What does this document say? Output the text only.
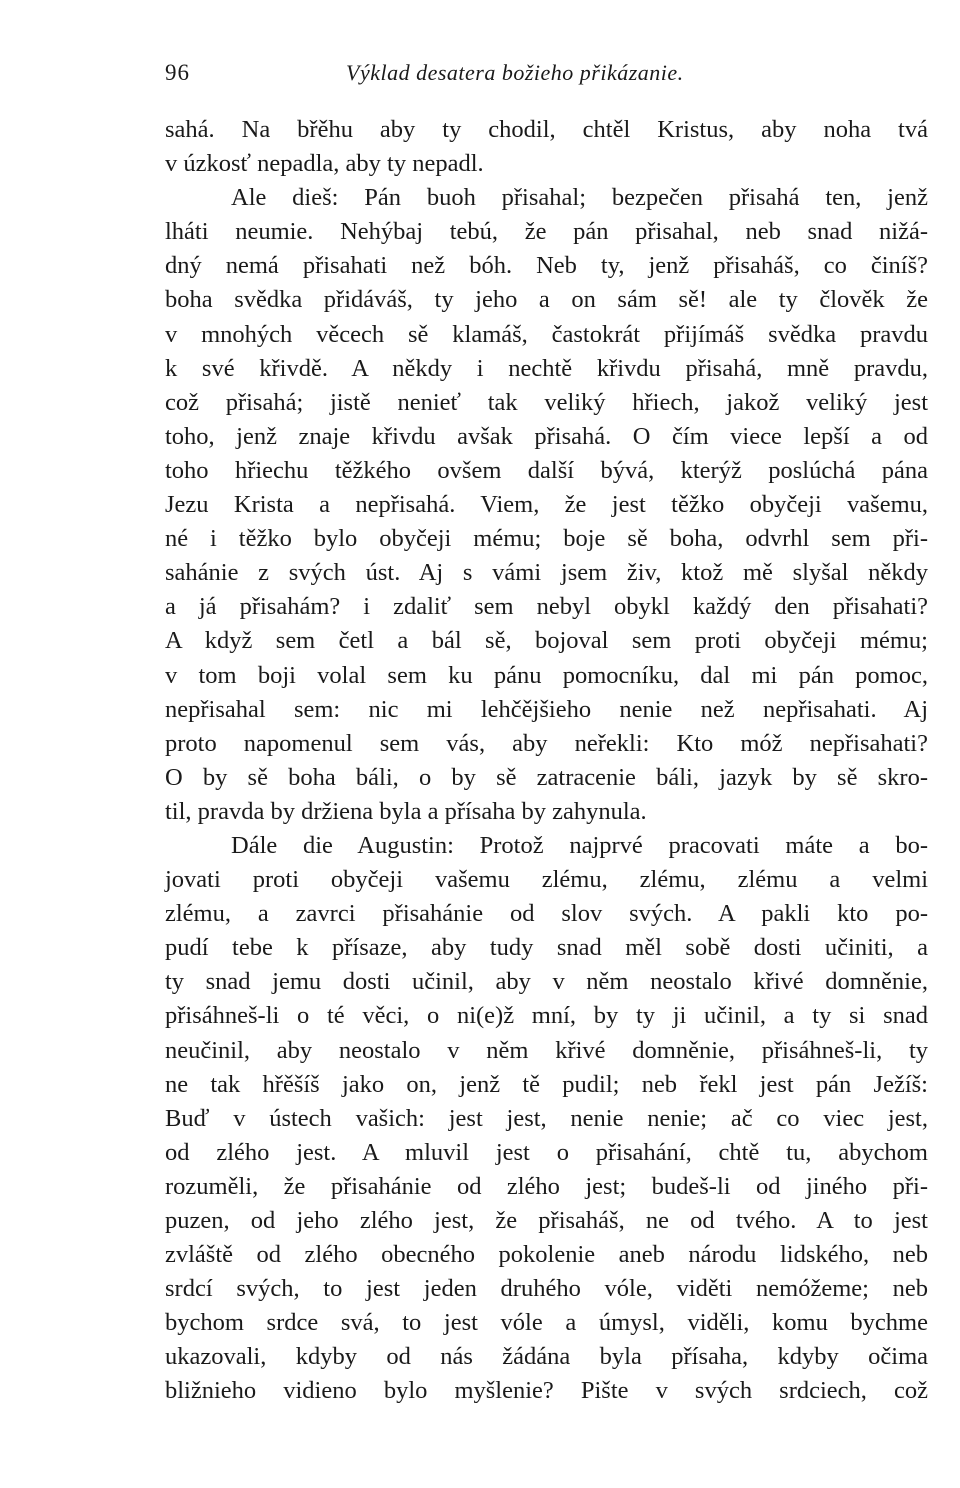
96	Výklad desatera božieho přikázanie.
sahá. Na břěhu aby ty chodil, chtěl Kristus, aby noha tvá
v úzkosť nepadla, aby ty nepadl.
Ale dieš: Pán buoh přisahal; bezpečen přisahá ten, jenž
lháti neumie. Nehýbaj tebú, že pán přisahal, neb snad nižá-
dný nemá přisahati než bóh. Neb ty, jenž přisaháš, co činíš?
boha svědka přidáváš, ty jeho a on sám sě! ale ty člověk že
v mnohých věcech sě klamáš, častokrát přijímáš svědka pravdu
k své křivdě. A někdy i nechtě křivdu přisahá, mně pravdu,
což přisahá; jistě nenieť tak veliký hřiech, jakož veliký jest
toho, jenž znaje křivdu avšak přisahá. O čím viece lepší a od
toho hřiechu těžkého ovšem další bývá, kterýž poslúchá pána
Jezu Krista a nepřisahá. Viem, že jest těžko obyčeji vašemu,
né i těžko bylo obyčeji mému; boje sě boha, odvrhl sem při-
sahánie z svých úst. Aj s vámi jsem živ, ktož mě slyšal někdy
a já přisahám? i zdaliť sem nebyl obykl každý den přisahati?
A když sem četl a bál sě, bojoval sem proti obyčeji mému;
v tom boji volal sem ku pánu pomocníku, dal mi pán pomoc,
nepřisahal sem: nic mi lehčějšieho nenie než nepřisahati. Aj
proto napomenul sem vás, aby neřekli: Kto móž nepřisahati?
O by sě boha báli, o by sě zatracenie báli, jazyk by sě skro-
til, pravda by držiena byla a přísaha by zahynula.
Dále die Augustin: Protož najprvé pracovati máte a bo-
jovati proti obyčeji vašemu zlému, zlému, zlému a velmi
zlému, a zavrci přisahánie od slov svých. A pakli kto po-
pudí tebe k přísaze, aby tudy snad měl sobě dosti učiniti, a
ty snad jemu dosti učinil, aby v něm neostalo křivé domněnie,
přisáhneš-li o té věci, o ni(e)ž mní, by ty ji učinil, a ty si snad
neučinil, aby neostalo v něm křivé domněnie, přisáhneš-li, ty
ne tak hřěšíš jako on, jenž tě pudil; neb řekl jest pán Ježíš:
Buď v ústech vašich: jest jest, nenie nenie; ač co viec jest,
od zlého jest. A mluvil jest o přisahání, chtě tu, abychom
rozuměli, že přisahánie od zlého jest; budeš-li od jiného při-
puzen, od jeho zlého jest, že přisaháš, ne od tvého. A to jest
zvláště od zlého obecného pokolenie aneb národu lidského, neb
srdcí svých, to jest jeden druhého vóle, viděti nemóžeme; neb
bychom srdce svá, to jest vóle a úmysl, viděli, komu bychme
ukazovali, kdyby od nás žádána byla přísaha, kdyby očima
bližnieho vidieno bylo myšlenie? Pište v svých srdciech, což
